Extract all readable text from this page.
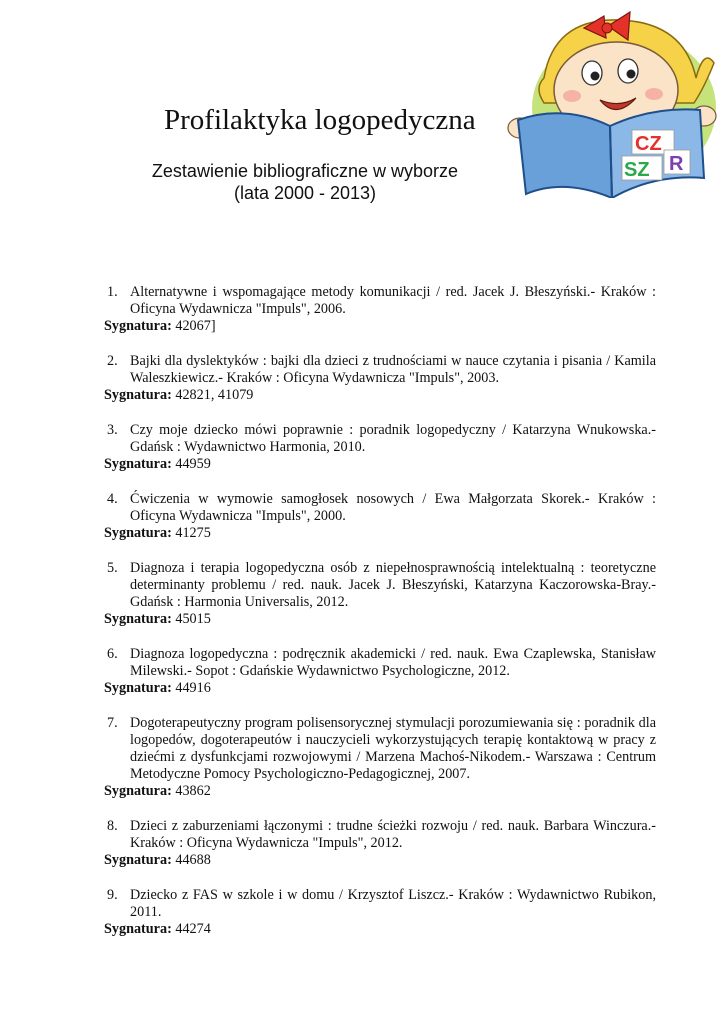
CZ
SZ R
Profilaktyka logopedyczna
Zestawienie bibliograficzne w wyborze
(lata 2000 - 2013)
1. Alternatywne i wspomagające metody komunikacji / red. Jacek J. Błeszyński.- Kraków : Oficyna Wydawnicza "Impuls", 2006.
Sygnatura: 42067]
2. Bajki dla dyslektyków : bajki dla dzieci z trudnościami w nauce czytania i pisania / Kamila Waleszkiewicz.- Kraków : Oficyna Wydawnicza "Impuls", 2003.
Sygnatura: 42821, 41079
3. Czy moje dziecko mówi poprawnie : poradnik logopedyczny / Katarzyna Wnukowska.- Gdańsk : Wydawnictwo Harmonia, 2010.
Sygnatura: 44959
4. Ćwiczenia w wymowie samogłosek nosowych / Ewa Małgorzata Skorek.- Kraków : Oficyna Wydawnicza "Impuls", 2000.
Sygnatura: 41275
5. Diagnoza i terapia logopedyczna osób z niepełnosprawnością intelektualną : teoretyczne determinanty problemu / red. nauk. Jacek J. Błeszyński, Katarzyna Kaczorowska-Bray.- Gdańsk : Harmonia Universalis, 2012.
Sygnatura: 45015
6. Diagnoza logopedyczna : podręcznik akademicki / red. nauk. Ewa Czaplewska, Stanisław Milewski.- Sopot : Gdańskie Wydawnictwo Psychologiczne, 2012.
Sygnatura: 44916
7. Dogoterapeutyczny program polisensorycznej stymulacji porozumiewania się : poradnik dla logopedów, dogoterapeutów i nauczycieli wykorzystujących terapię kontaktową w pracy z dziećmi z dysfunkcjami rozwojowymi / Marzena Machoś-Nikodem.- Warszawa : Centrum Metodyczne Pomocy Psychologiczno-Pedagogicznej, 2007.
Sygnatura: 43862
8. Dzieci z zaburzeniami łączonymi : trudne ścieżki rozwoju / red. nauk. Barbara Winczura.- Kraków : Oficyna Wydawnicza "Impuls", 2012.
Sygnatura: 44688
9. Dziecko z FAS w szkole i w domu / Krzysztof Liszcz.- Kraków : Wydawnictwo Rubikon, 2011.
Sygnatura: 44274
